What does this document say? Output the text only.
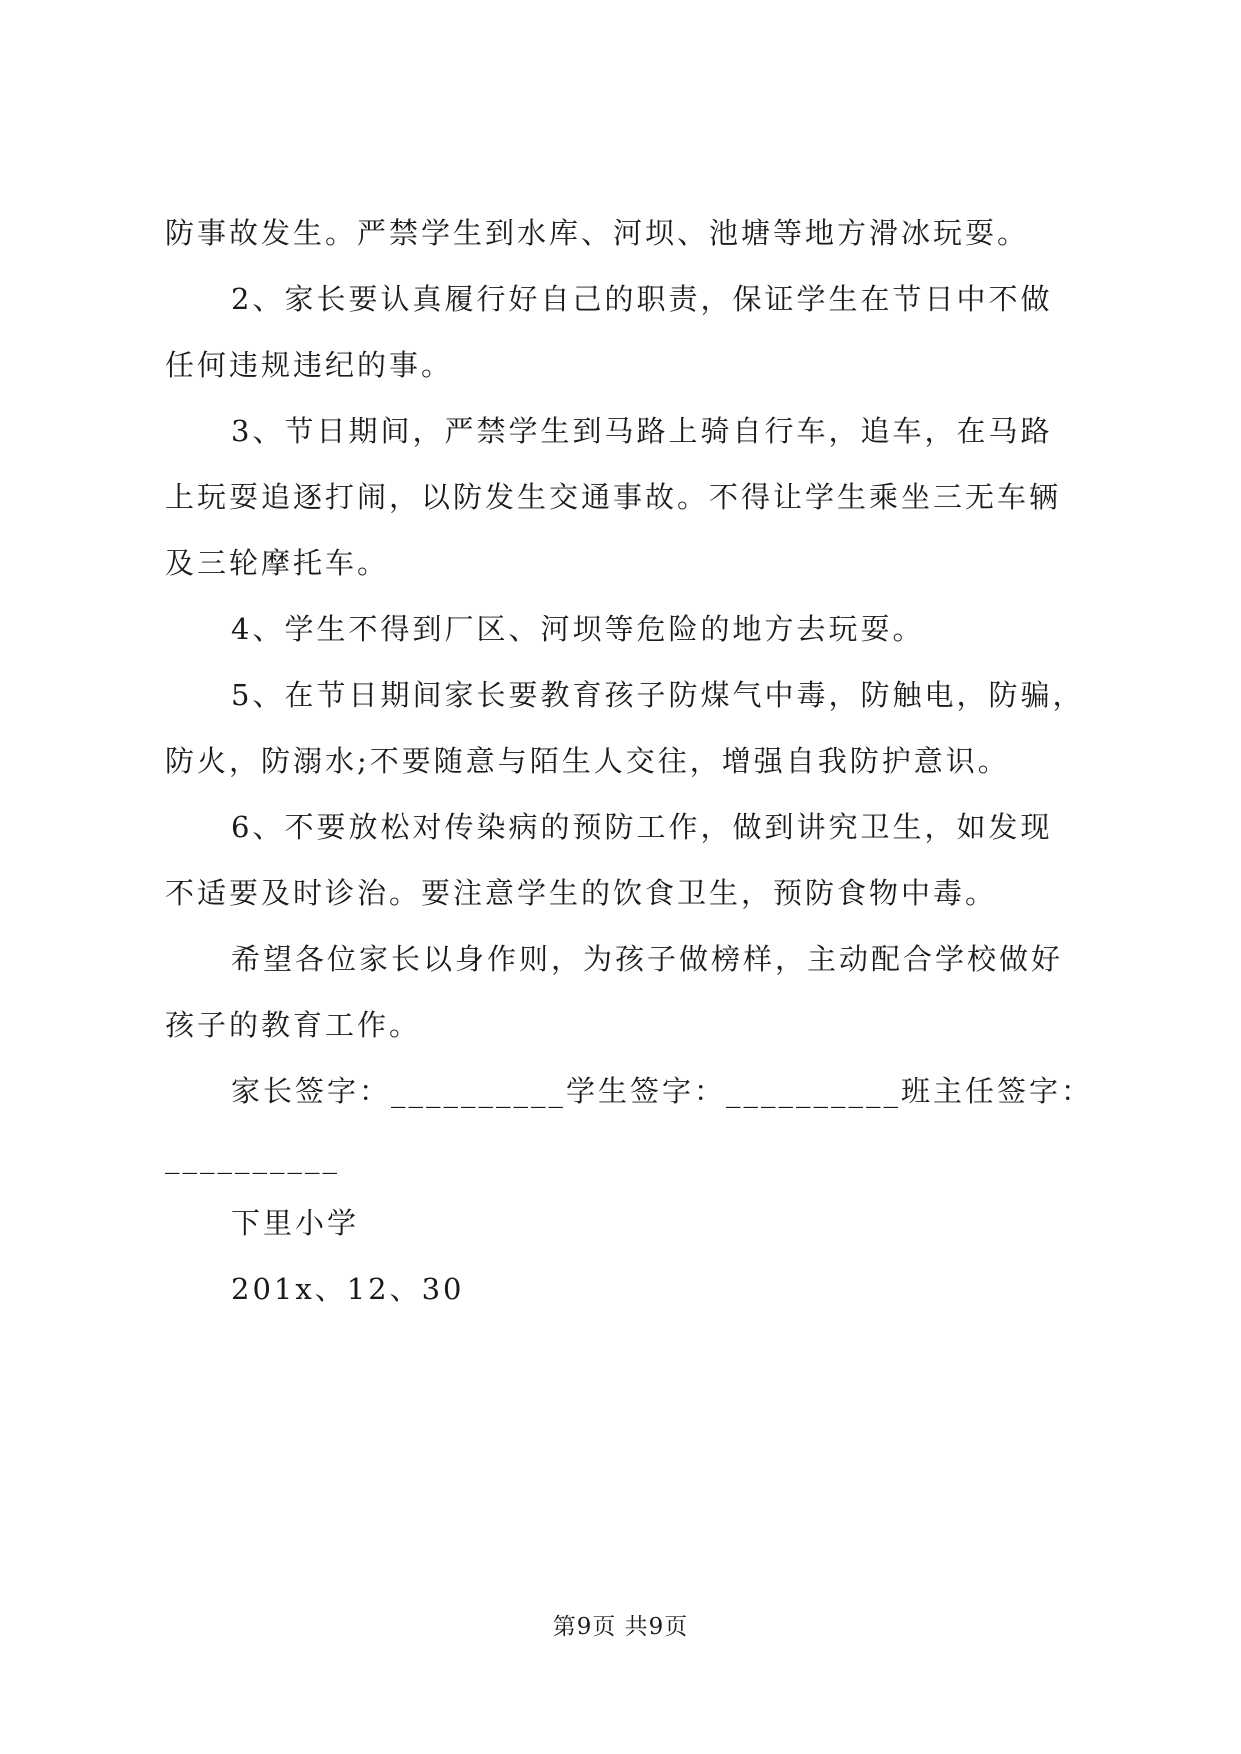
防事故发生。严禁学生到水库、河坝、池塘等地方滑冰玩耍。
2、家长要认真履行好自己的职责，保证学生在节日中不做
任何违规违纪的事。
3、节日期间，严禁学生到马路上骑自行车，追车，在马路
上玩耍追逐打闹，以防发生交通事故。不得让学生乘坐三无车辆
及三轮摩托车。
4、学生不得到厂区、河坝等危险的地方去玩耍。
5、在节日期间家长要教育孩子防煤气中毒，防触电，防骗，
防火，防溺水;不要随意与陌生人交往，增强自我防护意识。
6、不要放松对传染病的预防工作，做到讲究卫生，如发现
不适要及时诊治。要注意学生的饮食卫生，预防食物中毒。
希望各位家长以身作则，为孩子做榜样，主动配合学校做好
孩子的教育工作。
家长签字：__________学生签字：__________班主任签字：
__________
下里小学
201x、12、30
第9页 共9页
